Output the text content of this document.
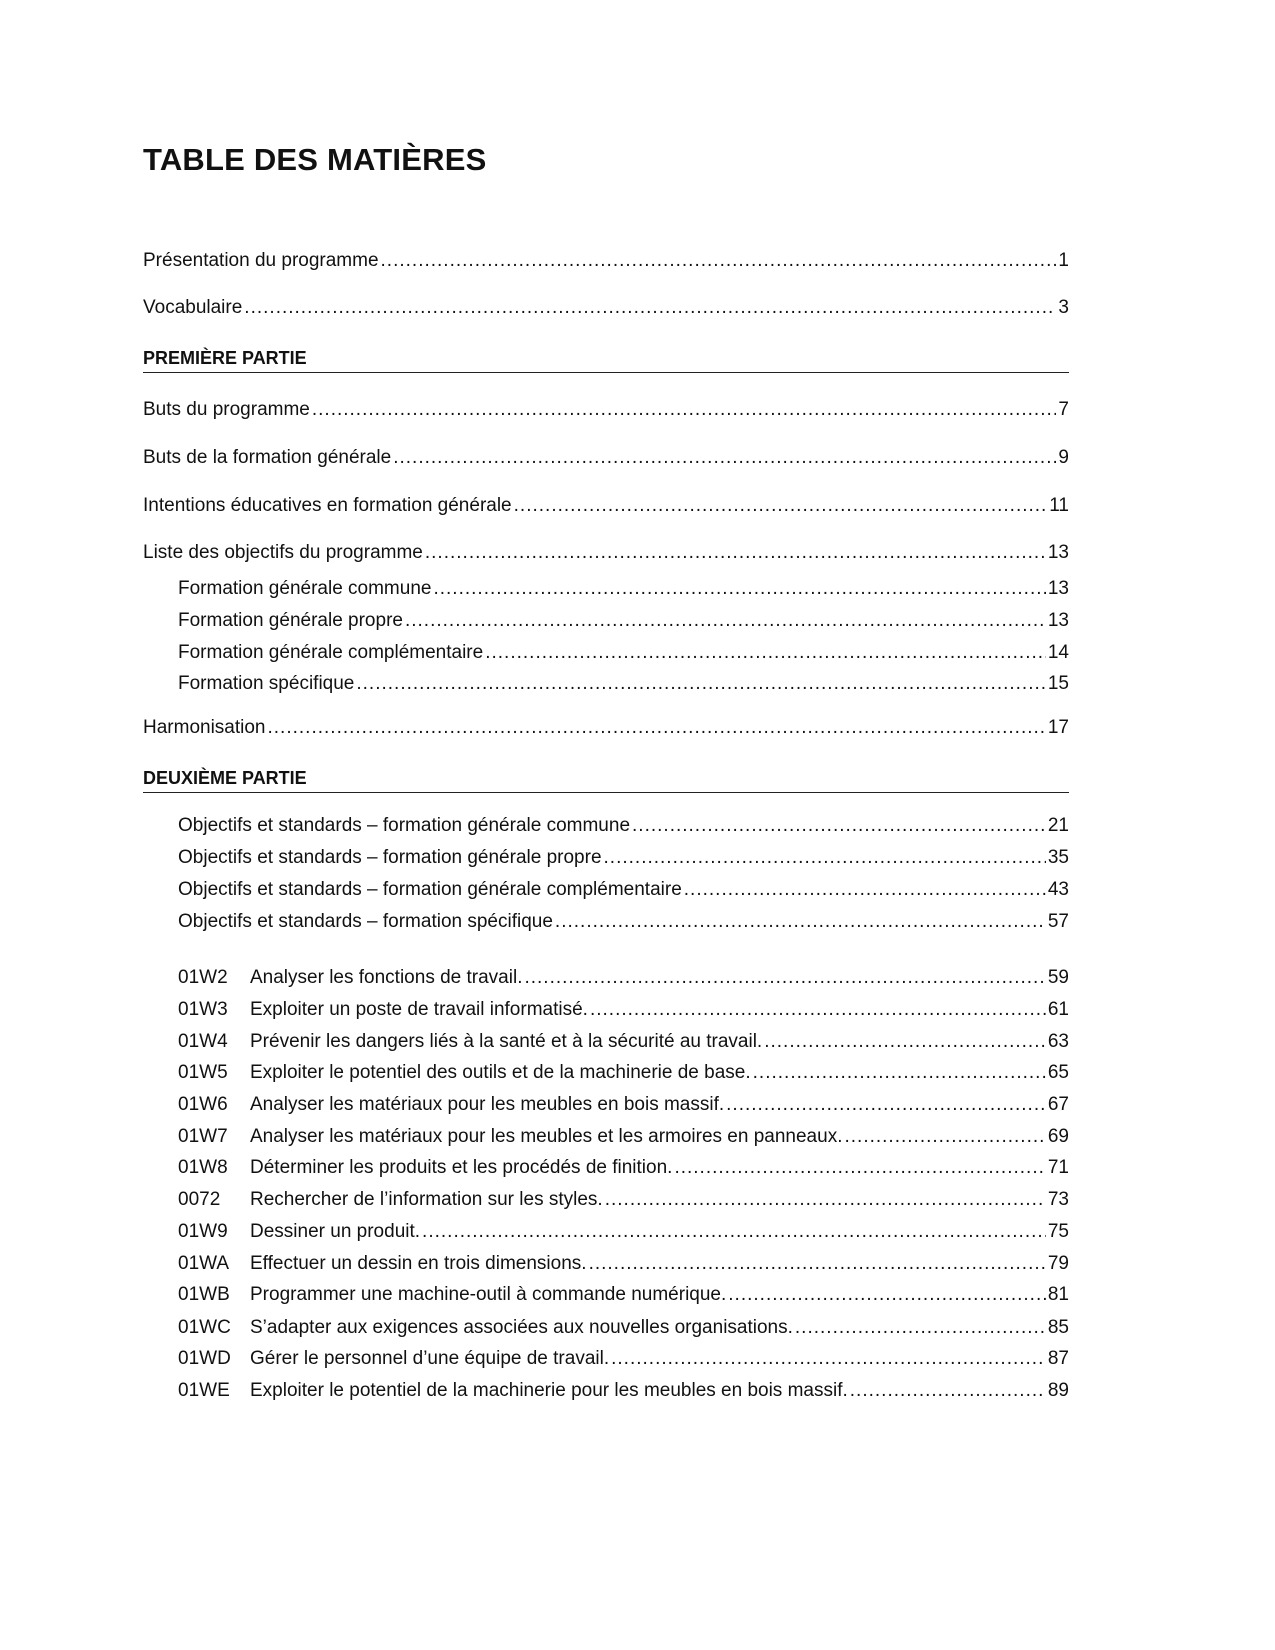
TABLE DES MATIÈRES
Présentation du programme .....	1
Vocabulaire .....	3
PREMIÈRE PARTIE
Buts du programme .....	7
Buts de la formation générale .....	9
Intentions éducatives en formation générale .....	11
Liste des objectifs du programme .....	13
Formation générale commune .....	13
Formation générale propre .....	13
Formation générale complémentaire .....	14
Formation spécifique .....	15
Harmonisation .....	17
DEUXIÈME PARTIE
Objectifs et standards – formation générale commune .....	21
Objectifs et standards – formation générale propre .....	35
Objectifs et standards – formation générale complémentaire .....	43
Objectifs et standards – formation spécifique .....	57
01W2	Analyser les fonctions de travail. .....	59
01W3	Exploiter un poste de travail informatisé. .....	61
01W4	Prévenir les dangers liés à la santé et à la sécurité au travail. .....	63
01W5	Exploiter le potentiel des outils et de la machinerie de base. .....	65
01W6	Analyser les matériaux pour les meubles en bois massif. .....	67
01W7	Analyser les matériaux pour les meubles et les armoires en panneaux. .....	69
01W8	Déterminer les produits et les procédés de finition. .....	71
0072	Rechercher de l’information sur les styles. .....	73
01W9	Dessiner un produit. .....	75
01WA	Effectuer un dessin en trois dimensions. .....	79
01WB	Programmer une machine-outil à commande numérique. .....	81
01WC	S’adapter aux exigences associées aux nouvelles organisations. .....	85
01WD	Gérer le personnel d’une équipe de travail. .....	87
01WE	Exploiter le potentiel de la machinerie pour les meubles en bois massif. .....	89
